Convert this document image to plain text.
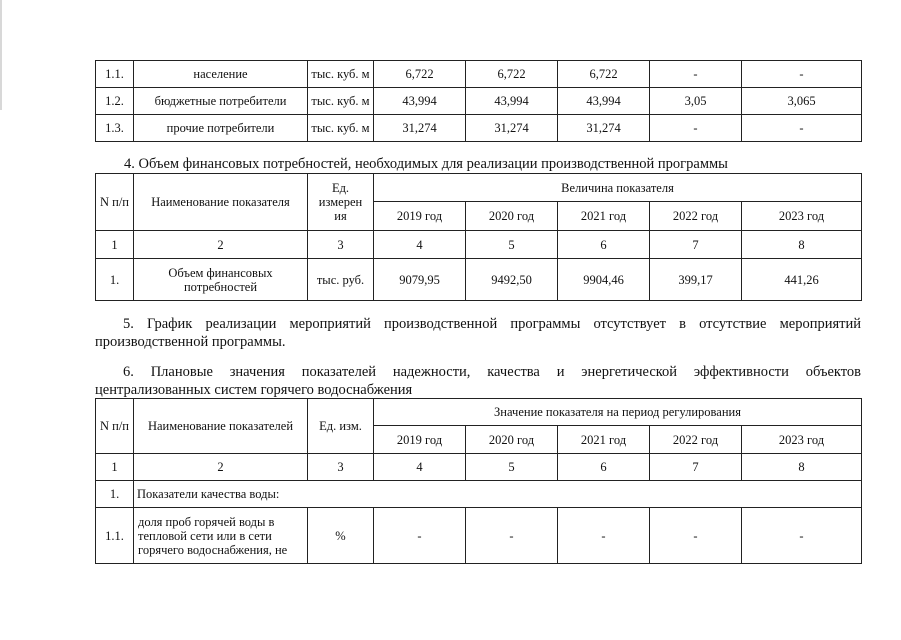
1.1.	население	тыс. куб. м	6,722	6,722	6,722	-	-
1.2.	бюджетные потребители	тыс. куб. м	43,994	43,994	43,994	3,05	3,065
1.3.	прочие потребители	тыс. куб. м	31,274	31,274	31,274	-	-
4. Объем финансовых потребностей, необходимых для реализации производственной программы
N п/п	Наименование показателя	Ед.
измерен
ия	Величина показателя				
			2019 год	2020 год	2021 год	2022 год	2023 год
1	2	3	4	5	6	7	8
1.	Объем финансовых потребностей	тыс. руб.	9079,95	9492,50	9904,46	399,17	441,26
5. График реализации мероприятий производственной программы отсутствует в отсутствие мероприятий производственной программы.
6. Плановые значения показателей надежности, качества и энергетической эффективности объектов централизованных систем горячего водоснабжения
N п/п	Наименование показателей	Ед. изм.	Значение показателя на период регулирования				
			2019 год	2020 год	2021 год	2022 год	2023 год
1	2	3	4	5	6	7	8
1.	Показатели качества воды:						
1.1.	доля проб горячей воды в тепловой сети или в сети горячего водоснабжения, не	%	-	-	-	-	-
